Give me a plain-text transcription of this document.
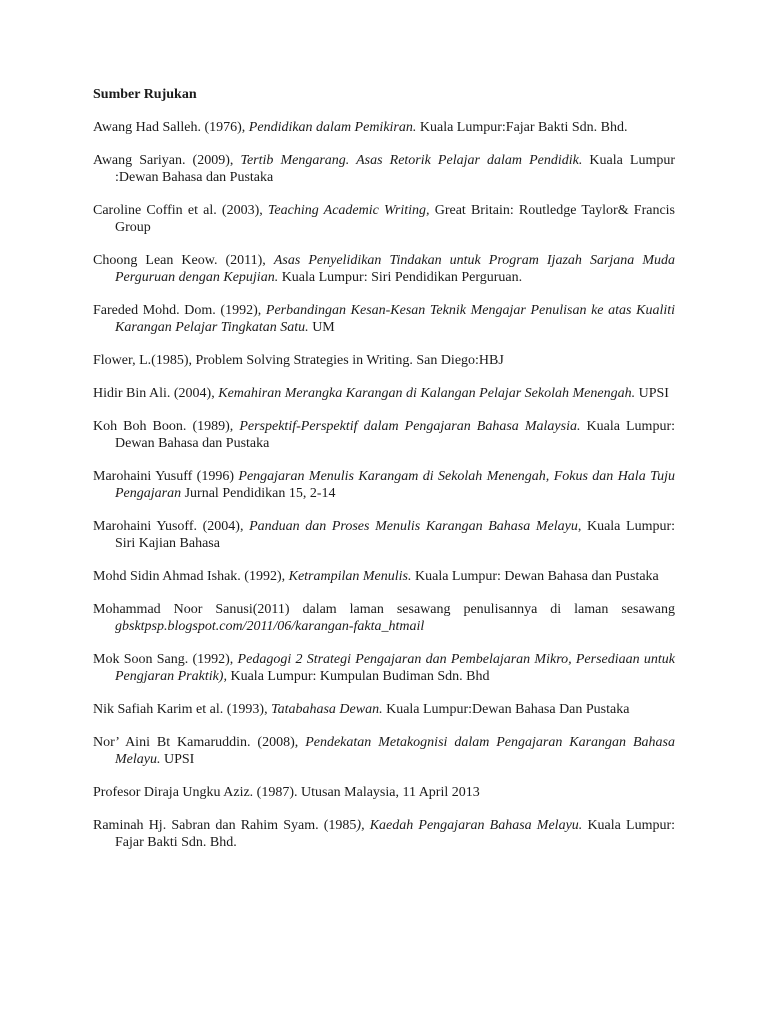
Sumber Rujukan
Awang Had Salleh. (1976), Pendidikan dalam Pemikiran. Kuala Lumpur:Fajar Bakti Sdn. Bhd.
Awang Sariyan. (2009), Tertib Mengarang. Asas Retorik Pelajar dalam Pendidik. Kuala Lumpur :Dewan Bahasa dan Pustaka
Caroline Coffin et al. (2003), Teaching Academic Writing, Great Britain: Routledge Taylor& Francis Group
Choong Lean Keow. (2011), Asas Penyelidikan Tindakan untuk Program Ijazah Sarjana Muda Perguruan dengan Kepujian. Kuala Lumpur: Siri Pendidikan Perguruan.
Fareded Mohd. Dom. (1992), Perbandingan Kesan-Kesan Teknik Mengajar Penulisan ke atas Kualiti Karangan Pelajar Tingkatan Satu. UM
Flower, L.(1985), Problem Solving Strategies in Writing. San Diego:HBJ
Hidir Bin Ali. (2004), Kemahiran Merangka Karangan di Kalangan Pelajar Sekolah Menengah. UPSI
Koh Boh Boon. (1989), Perspektif-Perspektif dalam Pengajaran Bahasa Malaysia. Kuala Lumpur: Dewan Bahasa dan Pustaka
Marohaini Yusuff (1996) Pengajaran Menulis Karangam di Sekolah Menengah, Fokus dan Hala Tuju Pengajaran Jurnal Pendidikan 15, 2-14
Marohaini Yusoff. (2004), Panduan dan Proses Menulis Karangan Bahasa Melayu, Kuala Lumpur: Siri Kajian Bahasa
Mohd Sidin Ahmad Ishak. (1992), Ketrampilan Menulis. Kuala Lumpur: Dewan Bahasa dan Pustaka
Mohammad Noor Sanusi(2011) dalam laman sesawang penulisannya di laman sesawang gbsktpsp.blogspot.com/2011/06/karangan-fakta_htmail
Mok Soon Sang. (1992), Pedagogi 2 Strategi Pengajaran dan Pembelajaran Mikro, Persediaan untuk Pengjaran Praktik), Kuala Lumpur: Kumpulan Budiman Sdn. Bhd
Nik Safiah Karim et al. (1993), Tatabahasa Dewan. Kuala Lumpur:Dewan Bahasa Dan Pustaka
Nor’ Aini Bt Kamaruddin. (2008), Pendekatan Metakognisi dalam Pengajaran Karangan Bahasa Melayu. UPSI
Profesor Diraja Ungku Aziz. (1987). Utusan Malaysia, 11 April 2013
Raminah Hj. Sabran dan Rahim Syam. (1985), Kaedah Pengajaran Bahasa Melayu. Kuala Lumpur: Fajar Bakti Sdn. Bhd.
